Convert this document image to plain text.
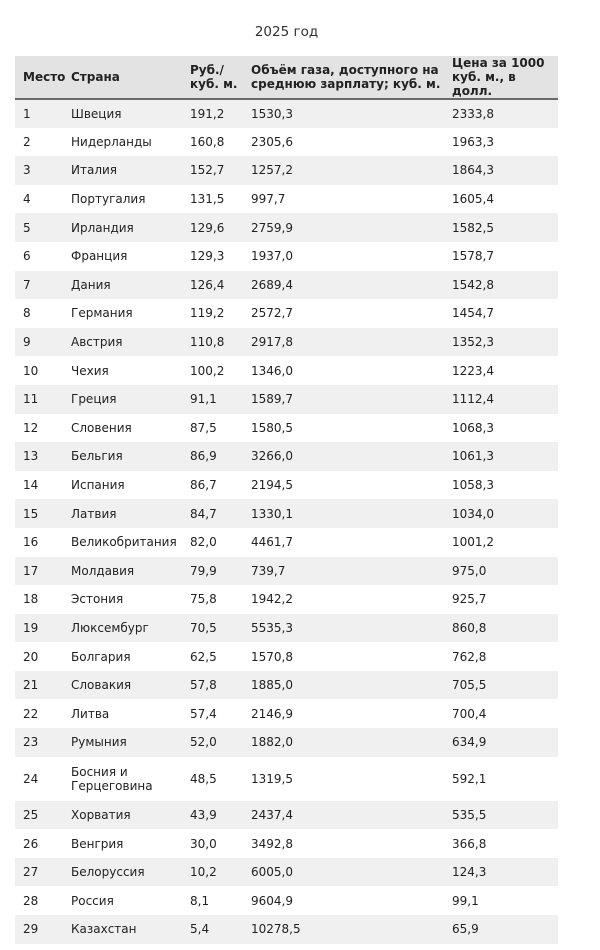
2025 год
Место	Страна	Руб./ куб. м.	Объём газа, доступного на среднюю зарплату; куб. м.	Цена за 1000 куб. м., в долл.
1	Швеция	191,2	1530,3	2333,8
2	Нидерланды	160,8	2305,6	1963,3
3	Италия	152,7	1257,2	1864,3
4	Португалия	131,5	997,7	1605,4
5	Ирландия	129,6	2759,9	1582,5
6	Франция	129,3	1937,0	1578,7
7	Дания	126,4	2689,4	1542,8
8	Германия	119,2	2572,7	1454,7
9	Австрия	110,8	2917,8	1352,3
10	Чехия	100,2	1346,0	1223,4
11	Греция	91,1	1589,7	1112,4
12	Словения	87,5	1580,5	1068,3
13	Бельгия	86,9	3266,0	1061,3
14	Испания	86,7	2194,5	1058,3
15	Латвия	84,7	1330,1	1034,0
16	Великобритания	82,0	4461,7	1001,2
17	Молдавия	79,9	739,7	975,0
18	Эстония	75,8	1942,2	925,7
19	Люксембург	70,5	5535,3	860,8
20	Болгария	62,5	1570,8	762,8
21	Словакия	57,8	1885,0	705,5
22	Литва	57,4	2146,9	700,4
23	Румыния	52,0	1882,0	634,9
24	Босния и Герцеговина	48,5	1319,5	592,1
25	Хорватия	43,9	2437,4	535,5
26	Венгрия	30,0	3492,8	366,8
27	Белоруссия	10,2	6005,0	124,3
28	Россия	8,1	9604,9	99,1
29	Казахстан	5,4	10278,5	65,9
